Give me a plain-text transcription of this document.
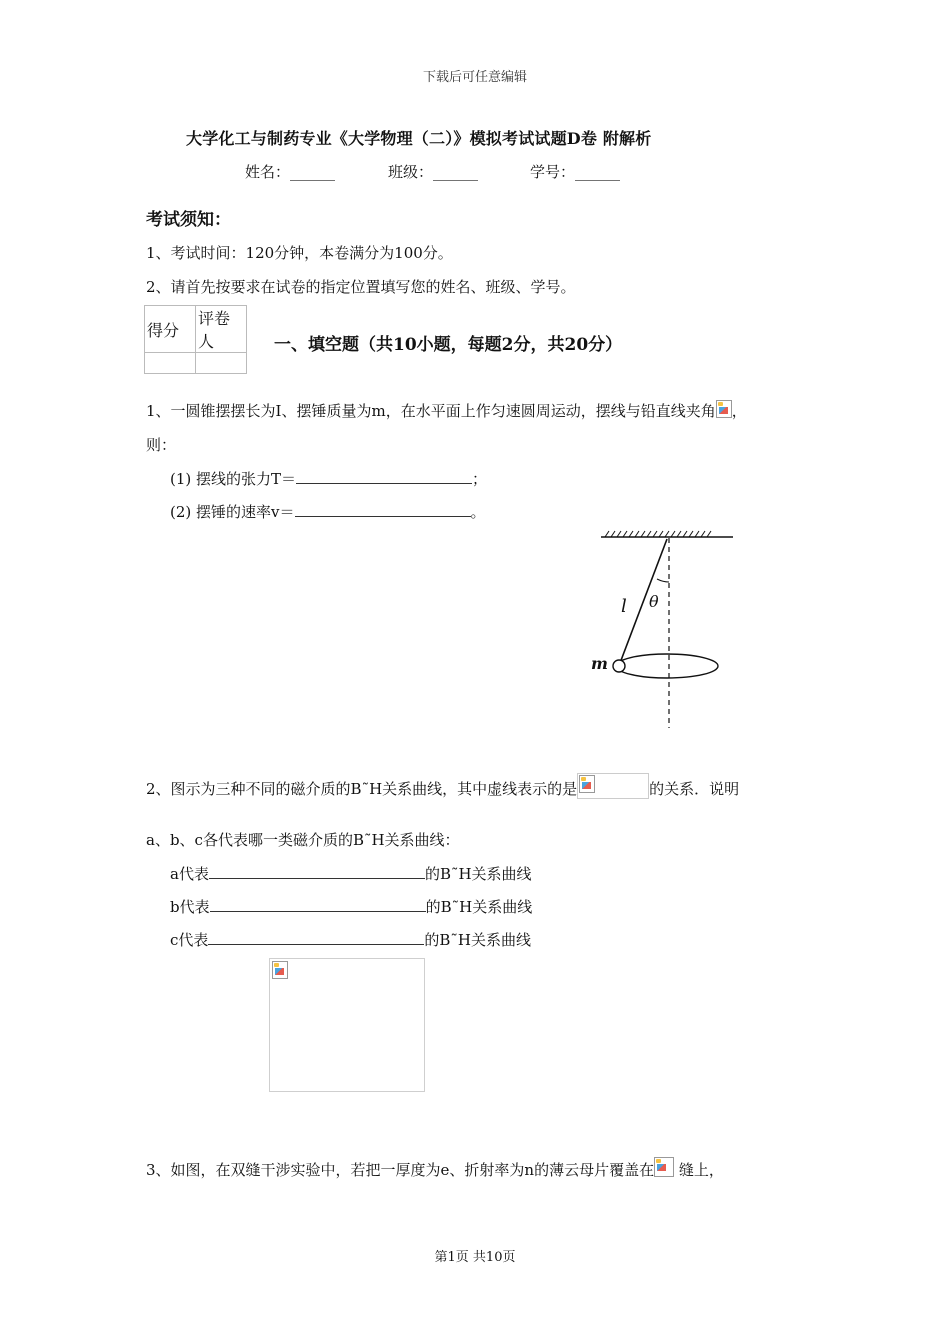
下载后可任意编辑
大学化工与制药专业《大学物理（二）》模拟考试试题D卷 附解析
姓名：______	班级：______	学号：______
考试须知：
1、考试时间：120分钟，本卷满分为100分。
2、请首先按要求在试卷的指定位置填写您的姓名、班级、学号。
得分	评卷人
		一、填空题（共10小题，每题2分，共20分）
1、一圆锥摆摆长为I、摆锤质量为m，在水平面上作匀速圆周运动，摆线与铅直线夹角 ，
则：
(1) 摆线的张力T＝	；
(2) 摆锤的速率v＝	。
l θ
m
2、图示为三种不同的磁介质的B˜H关系曲线，其中虚线表示的是	的关系．说明
a、b、c各代表哪一类磁介质的B˜H关系曲线：
a代表	的B˜H关系曲线
b代表	的B˜H关系曲线
c代表	的B˜H关系曲线
3、如图，在双缝干涉实验中，若把一厚度为e、折射率为n的薄云母片覆盖在 缝上，
第1页 共10页
